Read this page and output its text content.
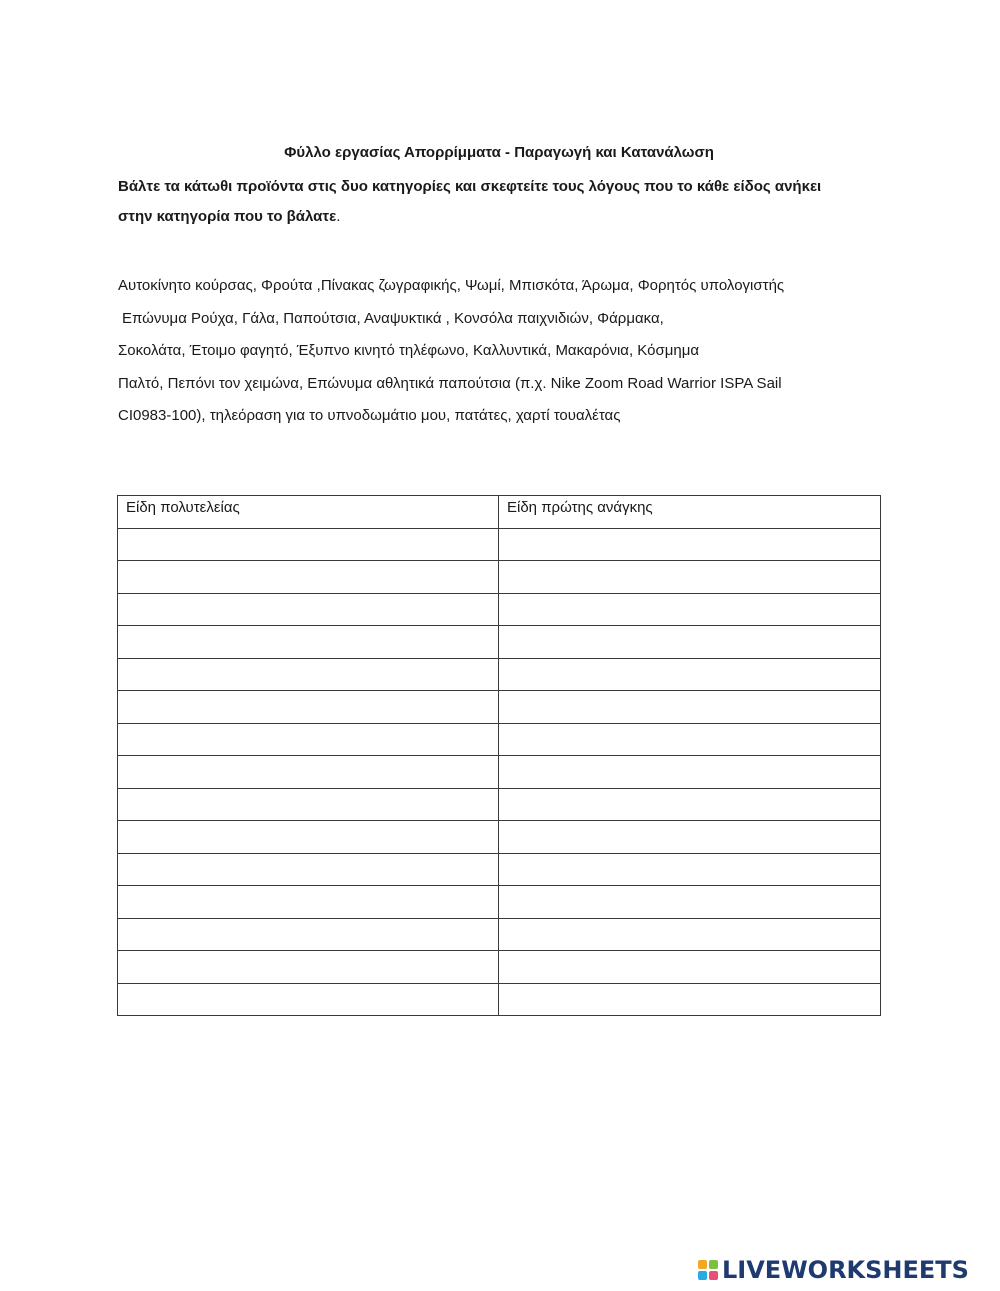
Φύλλο εργασίας Απορρίμματα - Παραγωγή και Κατανάλωση
Βάλτε τα κάτωθι προϊόντα στις δυο κατηγορίες και σκεφτείτε τους λόγους που το κάθε είδος ανήκει
στην κατηγορία που το βάλατε.
Αυτοκίνητο κούρσας, Φρούτα ,Πίνακας ζωγραφικής, Ψωμί, Μπισκότα, Άρωμα, Φορητός υπολογιστής
Επώνυμα Ρούχα, Γάλα, Παπούτσια, Αναψυκτικά , Κονσόλα παιχνιδιών, Φάρμακα,
Σοκολάτα, Έτοιμο φαγητό, Έξυπνο κινητό τηλέφωνο, Καλλυντικά, Μακαρόνια, Κόσμημα
Παλτό, Πεπόνι τον χειμώνα, Επώνυμα αθλητικά παπούτσια (π.χ. Nike Zoom Road Warrior ISPA Sail
CI0983-100), τηλεόραση για το υπνοδωμάτιο μου, πατάτες, χαρτί τουαλέτας
Είδη πολυτελείας	Είδη πρώτης ανάγκης

LIVEWORKSHEETS
